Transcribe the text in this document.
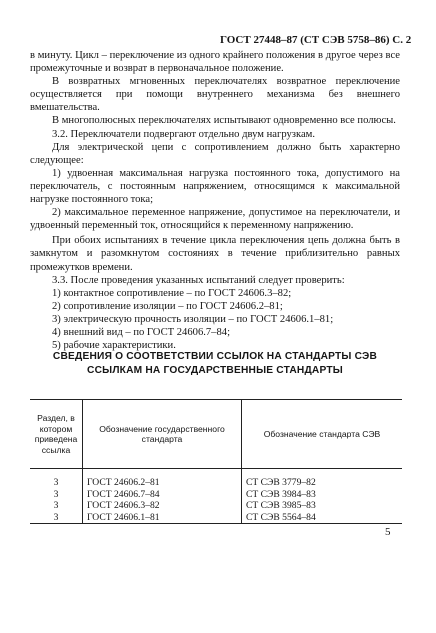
ГОСТ 27448–87 (СТ СЭВ 5758–86) С. 2

в минуту. Цикл – переключение из одного крайнего положения в другое через все промежуточные и возврат в первоначальное положение.

В возвратных мгновенных переключателях возвратное переключение осуществляется при помощи внутреннего механизма без внешнего вмешательства.

В многополюсных переключателях испытывают одновременно все полюсы.

3.2. Переключатели подвергают отдельно двум нагрузкам.

Для электрической цепи с сопротивлением должно быть характерно следующее:

1) удвоенная максимальная нагрузка постоянного тока, допустимого на переключатель, с постоянным напряжением, относящимся к максимальной нагрузке постоянного тока;

2) максимальное переменное напряжение, допустимое на переключатели, и удвоенный переменный ток, относящийся к переменному напряжению.

При обоих испытаниях в течение цикла переключения цепь должна быть в замкнутом и разомкнутом состояниях в течение приблизительно равных промежутков времени.

3.3. После проведения указанных испытаний следует проверить:

1) контактное сопротивление – по ГОСТ 24606.3–82;

2) сопротивление изоляции – по ГОСТ 24606.2–81;

3) электрическую прочность изоляции – по ГОСТ 24606.1–81;

4) внешний вид – по ГОСТ 24606.7–84;

5) рабочие характеристики.

СВЕДЕНИЯ О СООТВЕТСТВИИ ССЫЛОК НА СТАНДАРТЫ СЭВ

ССЫЛКАМ НА ГОСУДАРСТВЕННЫЕ СТАНДАРТЫ

Раздел, в котором приведена ссылка	Обозначение государственного стандарта	Обозначение стандарта СЭВ
3	ГОСТ 24606.2–81	СТ СЭВ 3779–82
3	ГОСТ 24606.7–84	СТ СЭВ 3984–83
3	ГОСТ 24606.3–82	СТ СЭВ 3985–83
3	ГОСТ 24606.1–81	СТ СЭВ 5564–84
5
